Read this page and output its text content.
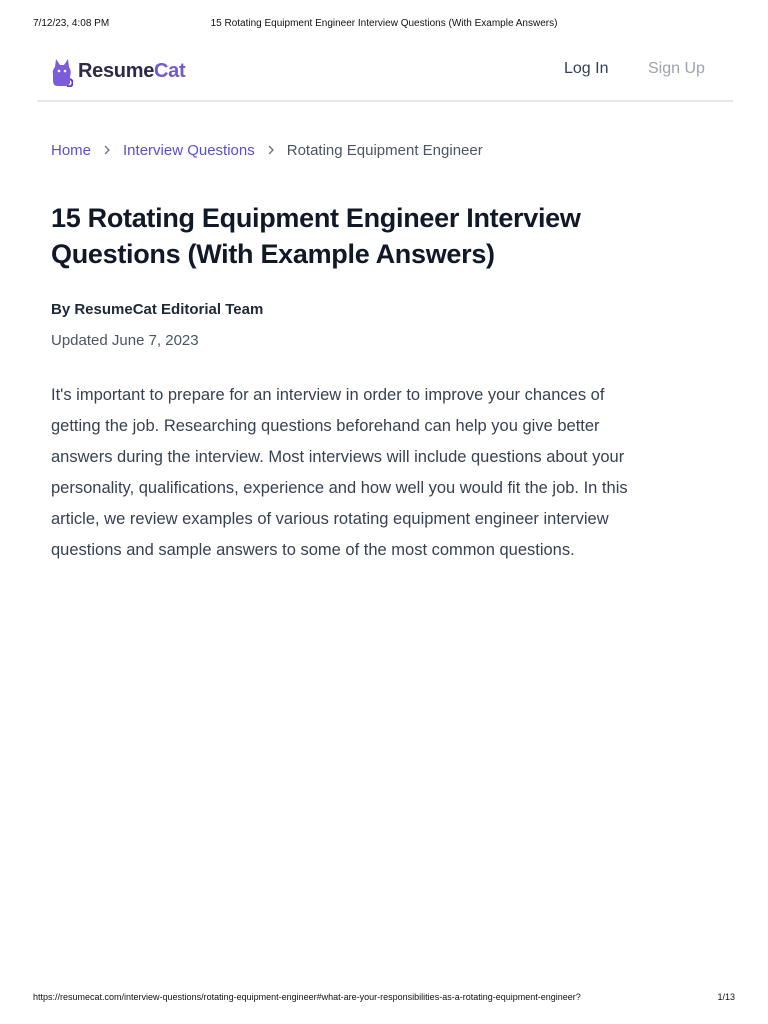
7/12/23, 4:08 PM	15 Rotating Equipment Engineer Interview Questions (With Example Answers)
ResumeCat	Log In Sign Up
Home Interview Questions Rotating Equipment Engineer
15 Rotating Equipment Engineer Interview Questions (With Example Answers)
By ResumeCat Editorial Team
Updated June 7, 2023

It's important to prepare for an interview in order to improve your chances of getting the job. Researching questions beforehand can help you give better answers during the interview. Most interviews will include questions about your personality, qualifications, experience and how well you would fit the job. In this article, we review examples of various rotating equipment engineer interview questions and sample answers to some of the most common questions.

https://resumecat.com/interview-questions/rotating-equipment-engineer#what-are-your-responsibilities-as-a-rotating-equipment-engineer?	1/13
